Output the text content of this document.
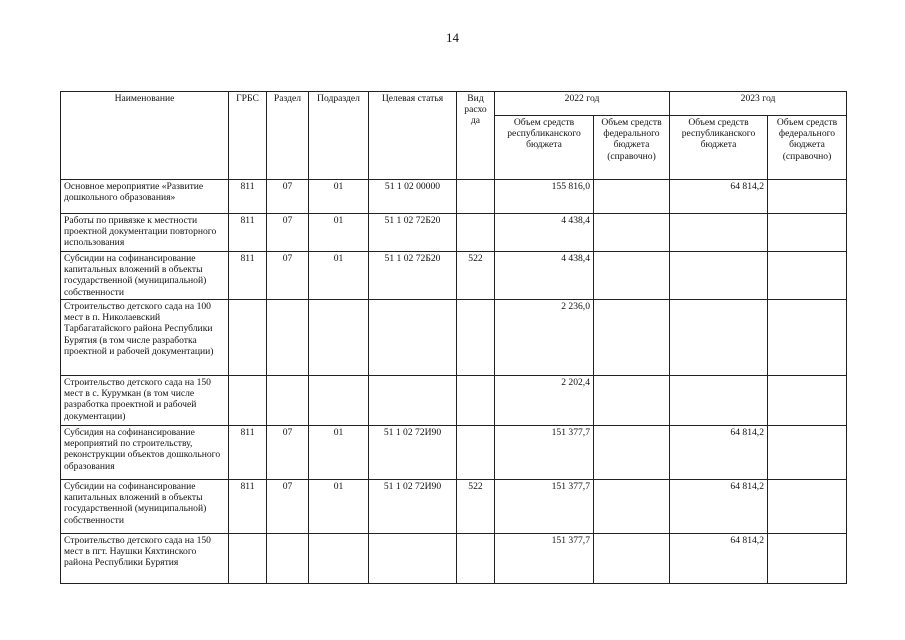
14
Наименование	ГРБС	Раздел	Подраздел	Целевая статья	Вид расхо да	2022 год		2023 год	
						Объем средств республиканского бюджета	Объем средств федерального бюджета (справочно)	Объем средств республиканского бюджета	Объем средств федерального бюджета (справочно)
Основное мероприятие «Развитие дошкольного образования»	811	07	01	51 1 02 00000		155 816,0		64 814,2	
Работы по привязке к местности проектной документации повторного использования	811	07	01	51 1 02 72Б20		4 438,4			
Субсидии на софинансирование капитальных вложений в объекты государственной (муниципальной) собственности	811	07	01	51 1 02 72Б20	522	4 438,4			
Строительство детского сада на 100 мест в п. Николаевский Тарбагатайского района Республики Бурятия (в том числе разработка проектной и рабочей документации)						2 236,0			
Строительство детского сада на 150 мест в с. Курумкан (в том числе разработка проектной и рабочей документации)						2 202,4			
Субсидия на софинансирование мероприятий по строительству, реконструкции объектов дошкольного образования	811	07	01	51 1 02 72И90		151 377,7		64 814,2	
Субсидии на софинансирование капитальных вложений в объекты государственной (муниципальной) собственности	811	07	01	51 1 02 72И90	522	151 377,7		64 814,2	
Строительство детского сада на 150 мест в пгт. Наушки Кяхтинского района Республики Бурятия						151 377,7		64 814,2	
